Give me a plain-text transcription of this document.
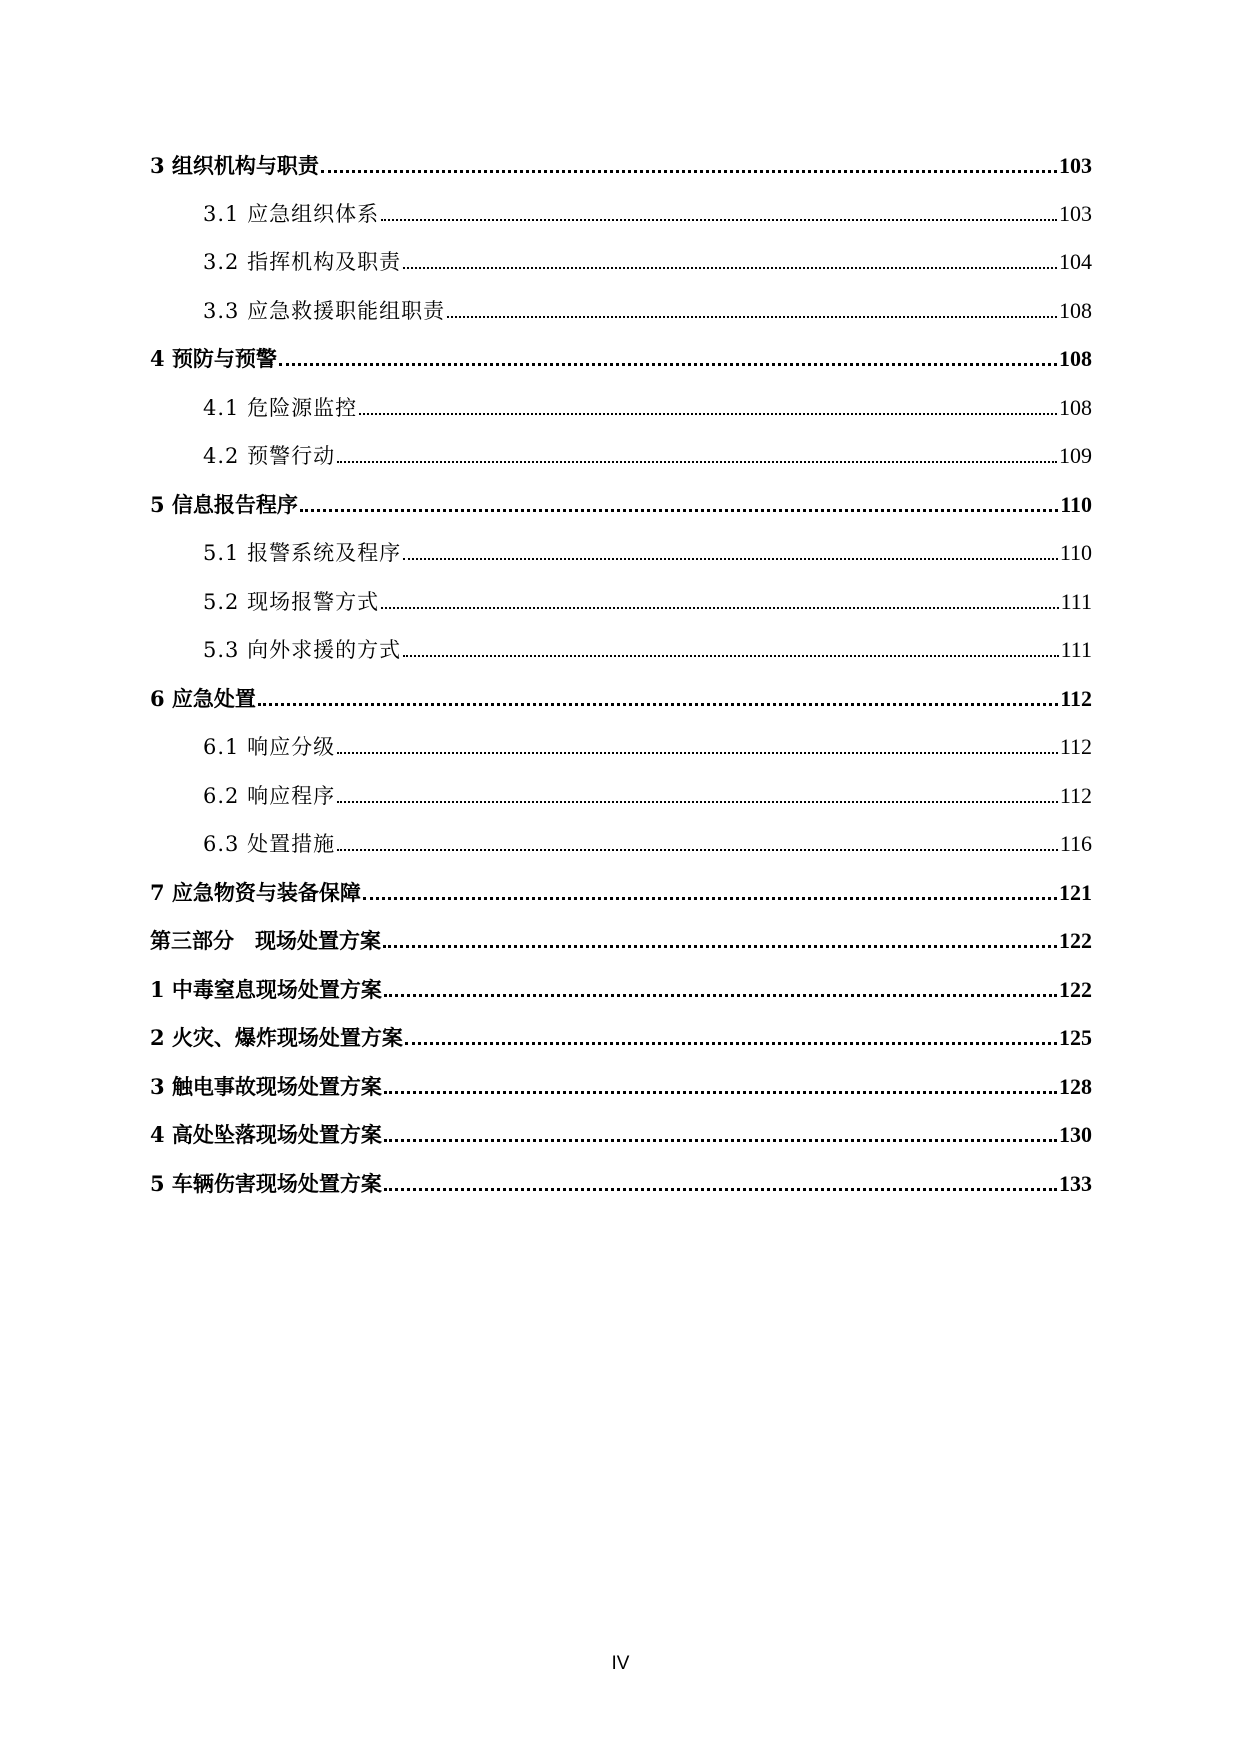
3 组织机构与职责	103
3.1 应急组织体系	103
3.2 指挥机构及职责	104
3.3 应急救援职能组职责	108
4 预防与预警	108
4.1 危险源监控	108
4.2 预警行动	109
5 信息报告程序	110
5.1 报警系统及程序	110
5.2 现场报警方式	111
5.3 向外求援的方式	111
6 应急处置	112
6.1 响应分级	112
6.2 响应程序	112
6.3 处置措施	116
7 应急物资与装备保障	121
第三部分　现场处置方案	122
1 中毒窒息现场处置方案	122
2 火灾、爆炸现场处置方案	125
3 触电事故现场处置方案	128
4 高处坠落现场处置方案	130
5 车辆伤害现场处置方案	133
IV
